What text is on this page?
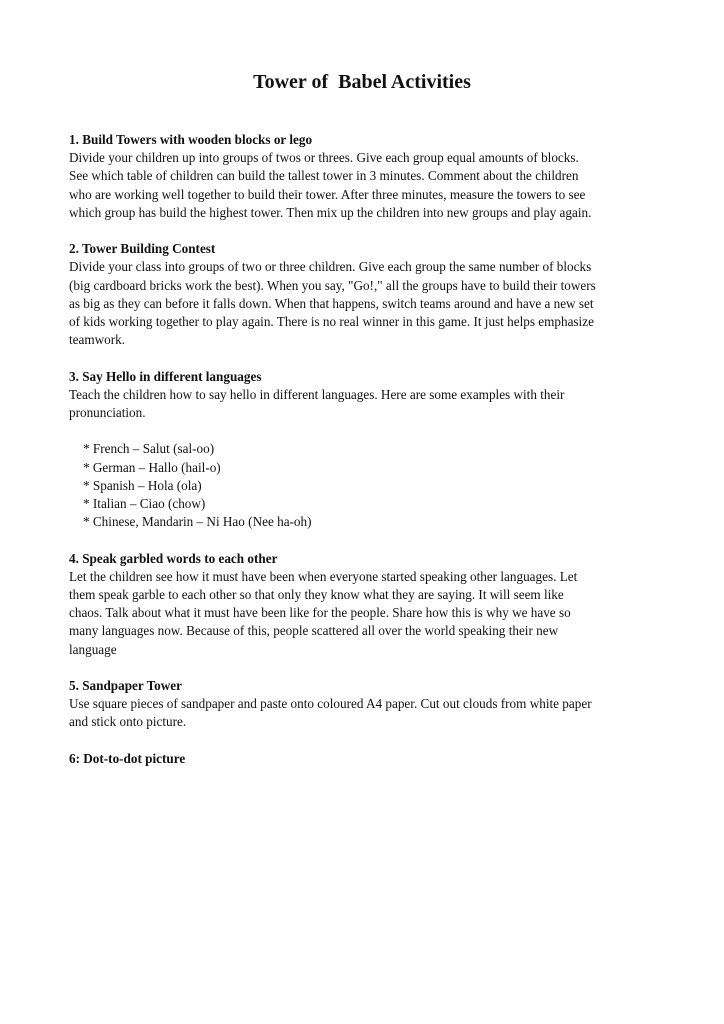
Tower of  Babel Activities

1. Build Towers with wooden blocks or lego

Divide your children up into groups of twos or threes. Give each group equal amounts of blocks.

See which table of children can build the tallest tower in 3 minutes. Comment about the children

who are working well together to build their tower. After three minutes, measure the towers to see

which group has build the highest tower. Then mix up the children into new groups and play again.

2. Tower Building Contest

Divide your class into groups of two or three children. Give each group the same number of blocks

(big cardboard bricks work the best). When you say, "Go!," all the groups have to build their towers

as big as they can before it falls down. When that happens, switch teams around and have a new set

of kids working together to play again. There is no real winner in this game. It just helps emphasize

teamwork.

3. Say Hello in different languages

Teach the children how to say hello in different languages. Here are some examples with their

pronunciation.

* French – Salut (sal-oo)
* German – Hallo (hail-o)
* Spanish – Hola (ola)
* Italian – Ciao (chow)
* Chinese, Mandarin – Ni Hao (Nee ha-oh)

4. Speak garbled words to each other

Let the children see how it must have been when everyone started speaking other languages. Let

them speak garble to each other so that only they know what they are saying. It will seem like

chaos. Talk about what it must have been like for the people. Share how this is why we have so

many languages now. Because of this, people scattered all over the world speaking their new

language

5. Sandpaper Tower

Use square pieces of sandpaper and paste onto coloured A4 paper. Cut out clouds from white paper

and stick onto picture.

6: Dot-to-dot picture
